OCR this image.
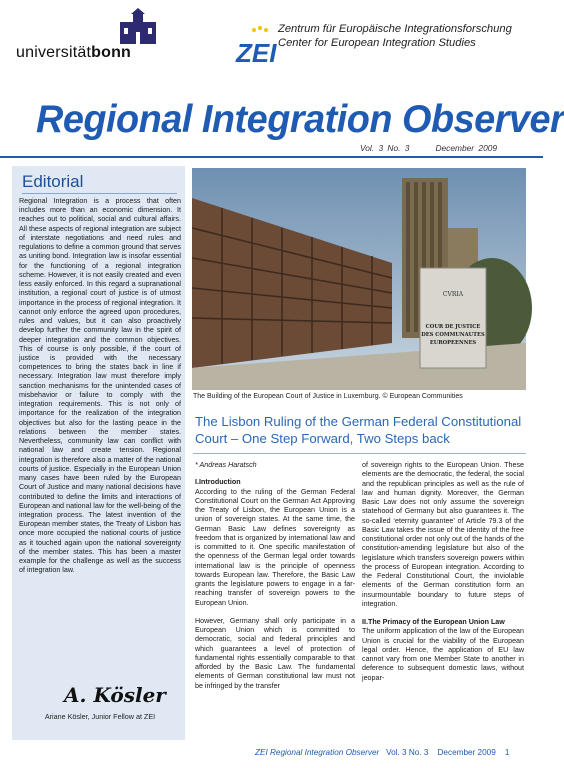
universitätbonn	ZEI
Zentrum für Europäische Integrationsforschung
Center for European Integration Studies
Regional Integration Observer
Vol. 3 No. 3	December 2009
Editorial
Regional Integration is a process that often includes more than an economic dimension. It reaches out to political, social and cultural affairs. All these aspects of regional integration are subject of interstate negotiations and need rules and regulations to define a common ground that serves as uniting bond. Integration law is insofar essential for the functioning of a regional integration scheme. However, it is not easily created and even less easily enforced. In this regard a supranational institution, a regional court of justice is of utmost importance in the process of regional integration. It cannot only enforce the agreed upon procedures, rules and values, but it can also proactively develop further the community law in the spirit of deeper integration and the common objectives. This of course is only possible, if the court of justice is provided with the necessary competences to bring the states back in line if necessary. Integration law must therefore imply sanction mechanisms for the unintended cases of misbehavior or failure to comply with the integration requirements. This is not only of importance for the realization of the integration objectives but also for the lasting peace in the relations between the member states. Nevertheless, community law can conflict with national law and create tension. Regional integration is therefore also a matter of the national courts of justice. Especially in the European Union many cases have been ruled by the European Court of Justice and many national decisions have contributed to define the limits and interactions of European and national law for the well-being of the integration process. The latest invention of the European member states, the Treaty of Lisbon has once more occupied the national courts of justice as it touched again upon the national sovereignty of the member states. This has been a master example for the challenge as well as the success of integration law.
A. Kösler
Ariane Kösler, Junior Fellow at ZEI
CVRIA
COUR DE JUSTICE
DES COMMUNAUTES
EUROPEENNES
The Building of the European Court of Justice in Luxemburg. © European Communities
The Lisbon Ruling of the German Federal Constitutional Court – One Step Forward, Two Steps back

* Andreas Haratsch

I.Introduction

According to the ruling of the German Federal Constitutional Court on the German Act Approving the Treaty of Lisbon, the European Union is a union of sovereign states. At the same time, the German Basic Law defines sovereignty as freedom that is organized by international law and is committed to it. One specific manifestation of the openness of the German legal order towards international law is the principle of openness towards European law. Therefore, the Basic Law grants the legislature powers to engage in a far-reaching transfer of sovereign powers to the European Union.

However, Germany shall only participate in a European Union which is committed to democratic, social and federal principles and which guarantees a level of protection of fundamental rights essentially comparable to that afforded by the Basic Law. The fundamental elements of German constitutional law must not be infringed by the transfer

of sovereign rights to the European Union. These elements are the democratic, the federal, the social and the republican principles as well as the rule of law and human dignity. Moreover, the German Basic Law does not only assume the sovereign statehood of Germany but also guarantees it. The so-called ‘eternity guarantee’ of Article 79.3 of the Basic Law takes the issue of the identity of the free constitutional order not only out of the hands of the constitution-amending legislature but also of the legislature which transfers sovereign powers within the process of European integration. According to the Federal Constitutional Court, the inviolable elements of the German constitution form an insurmountable boundary to future steps of integration.

II.The Primacy of the European Union Law

The uniform application of the law of the European Union is crucial for the viability of the European legal order. Hence, the application of EU law cannot vary from one Member State to another in deference to subsequent domestic laws, without jeopar-

ZEI Regional Integration Observer Vol. 3 No. 3 December 2009 1
